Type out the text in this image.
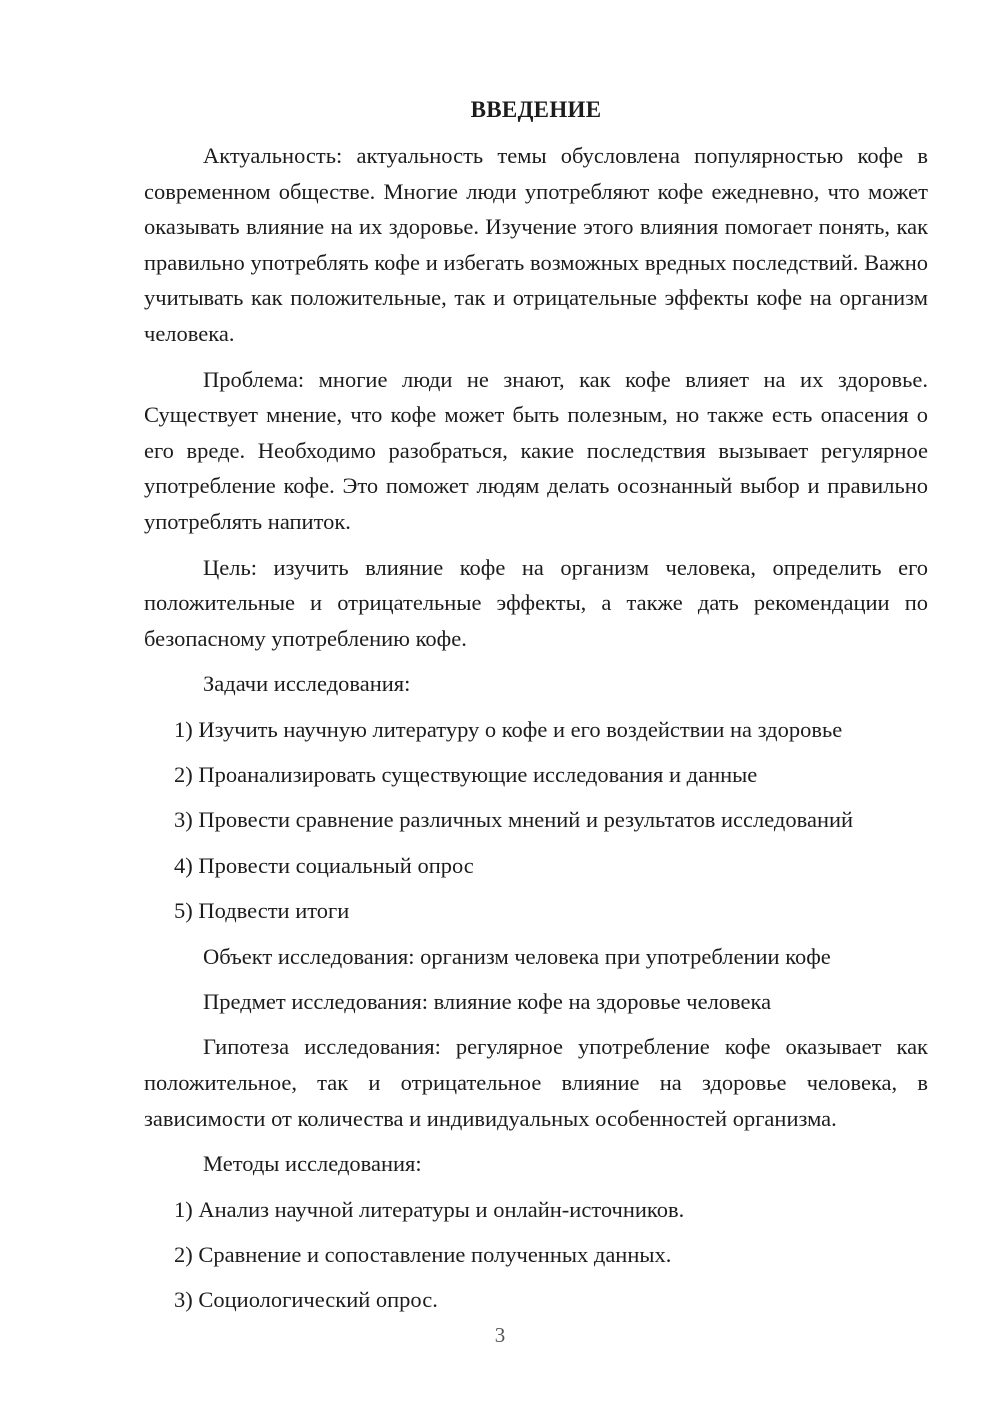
ВВЕДЕНИЕ

Актуальность: актуальность темы обусловлена популярностью кофе в современном обществе. Многие люди употребляют кофе ежедневно, что может оказывать влияние на их здоровье. Изучение этого влияния помогает понять, как правильно употреблять кофе и избегать возможных вредных последствий. Важно учитывать как положительные, так и отрицательные эффекты кофе на организм человека.

Проблема: многие люди не знают, как кофе влияет на их здоровье. Существует мнение, что кофе может быть полезным, но также есть опасения о его вреде. Необходимо разобраться, какие последствия вызывает регулярное употребление кофе. Это поможет людям делать осознанный выбор и правильно употреблять напиток.

Цель: изучить влияние кофе на организм человека, определить его положительные и отрицательные эффекты, а также дать рекомендации по безопасному употреблению кофе.

Задачи исследования:
1) Изучить научную литературу о кофе и его воздействии на здоровье
2) Проанализировать существующие исследования и данные
3) Провести сравнение различных мнений и результатов исследований
4) Провести социальный опрос
5) Подвести итоги
Объект исследования: организм человека при употреблении кофе
Предмет исследования: влияние кофе на здоровье человека

Гипотеза исследования: регулярное употребление кофе оказывает как положительное, так и отрицательное влияние на здоровье человека, в зависимости от количества и индивидуальных особенностей организма.

Методы исследования:
1) Анализ научной литературы и онлайн-источников.
2) Сравнение и сопоставление полученных данных.
3) Социологический опрос.
3
